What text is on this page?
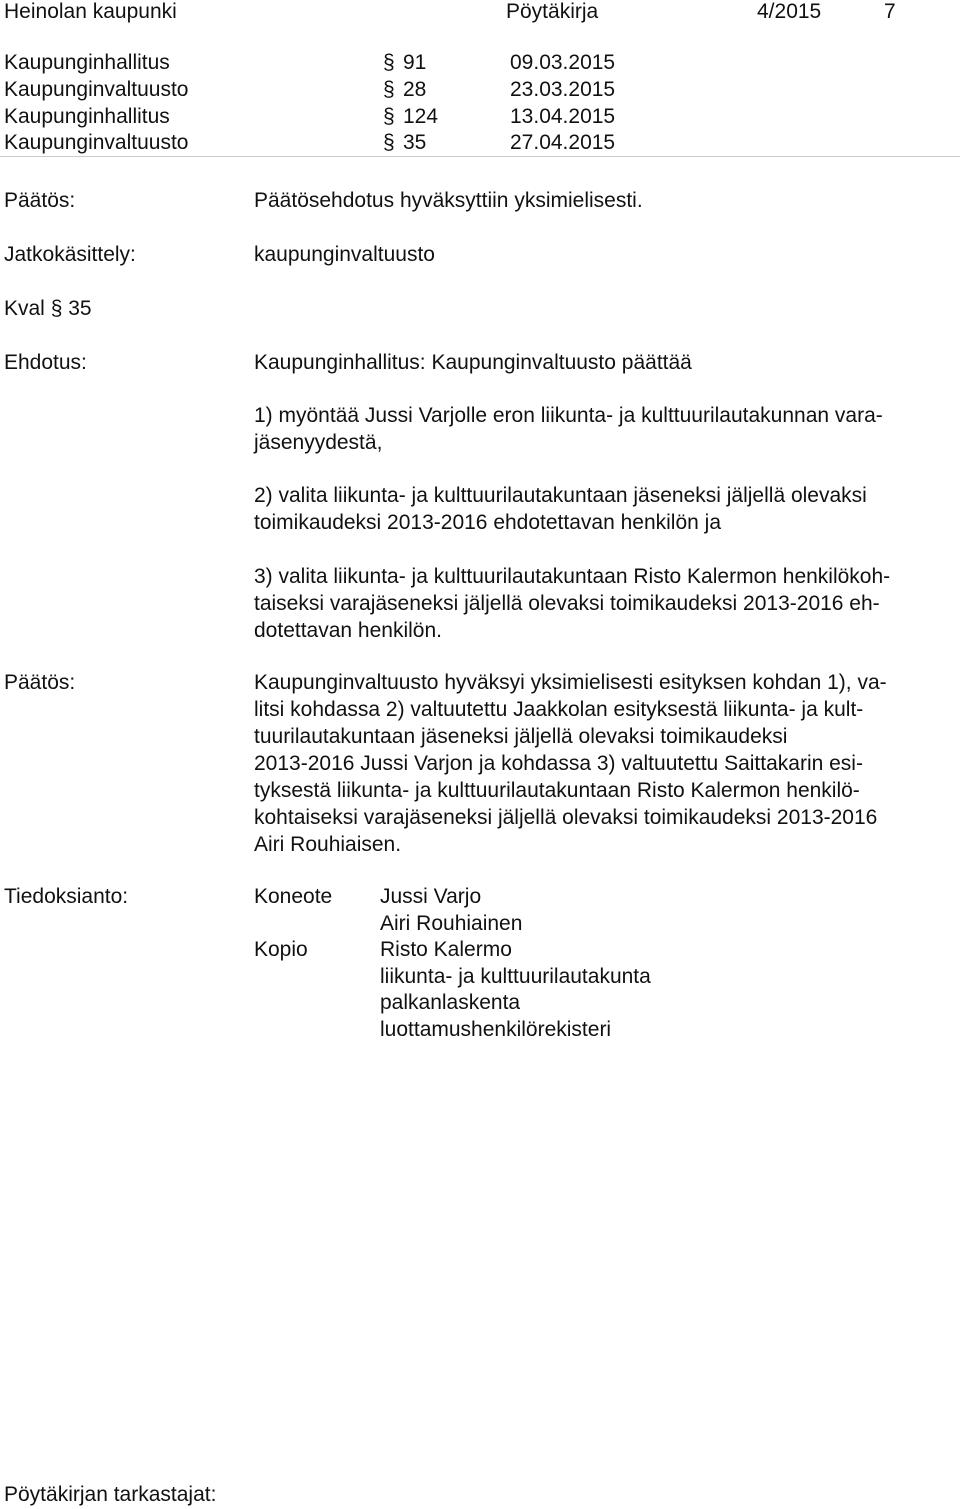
Heinolan kaupunki	Pöytäkirja	4/2015	7
Kaupunginhallitus	§ 91	09.03.2015
Kaupunginvaltuusto	§ 28	23.03.2015
Kaupunginhallitus	§ 124	13.04.2015
Kaupunginvaltuusto	§ 35	27.04.2015
Päätös:	Päätösehdotus hyväksyttiin yksimielisesti.
Jatkokäsittely:	kaupunginvaltuusto
Kval § 35
Ehdotus:	Kaupunginhallitus: Kaupunginvaltuusto päättää
1) myöntää Jussi Varjolle eron liikunta- ja kulttuurilautakunnan vara-
jäsenyydestä,
2) valita liikunta- ja kulttuurilautakuntaan jäseneksi jäljellä olevaksi
toimikaudeksi 2013-2016 ehdotettavan henkilön ja
3) valita liikunta- ja kulttuurilautakuntaan Risto Kalermon henkilökoh-
taiseksi varajäseneksi jäljellä olevaksi toimikaudeksi 2013-2016 eh-
dotettavan henkilön.
Päätös:	Kaupunginvaltuusto hyväksyi yksimielisesti esityksen kohdan 1), va-
litsi kohdassa 2) valtuutettu Jaakkolan esityksestä liikunta- ja kult-
tuurilautakuntaan jäseneksi jäljellä olevaksi toimikaudeksi
2013-2016 Jussi Varjon ja kohdassa 3) valtuutettu Saittakarin esi-
tyksestä liikunta- ja kulttuurilautakuntaan Risto Kalermon henkilö-
kohtaiseksi varajäseneksi jäljellä olevaksi toimikaudeksi 2013-2016
Airi Rouhiaisen.
Tiedoksianto:	Koneote Jussi Varjo
Airi Rouhiainen
Kopio	Risto Kalermo
liikunta- ja kulttuurilautakunta
palkanlaskenta
luottamushenkilörekisteri
Pöytäkirjan tarkastajat:
